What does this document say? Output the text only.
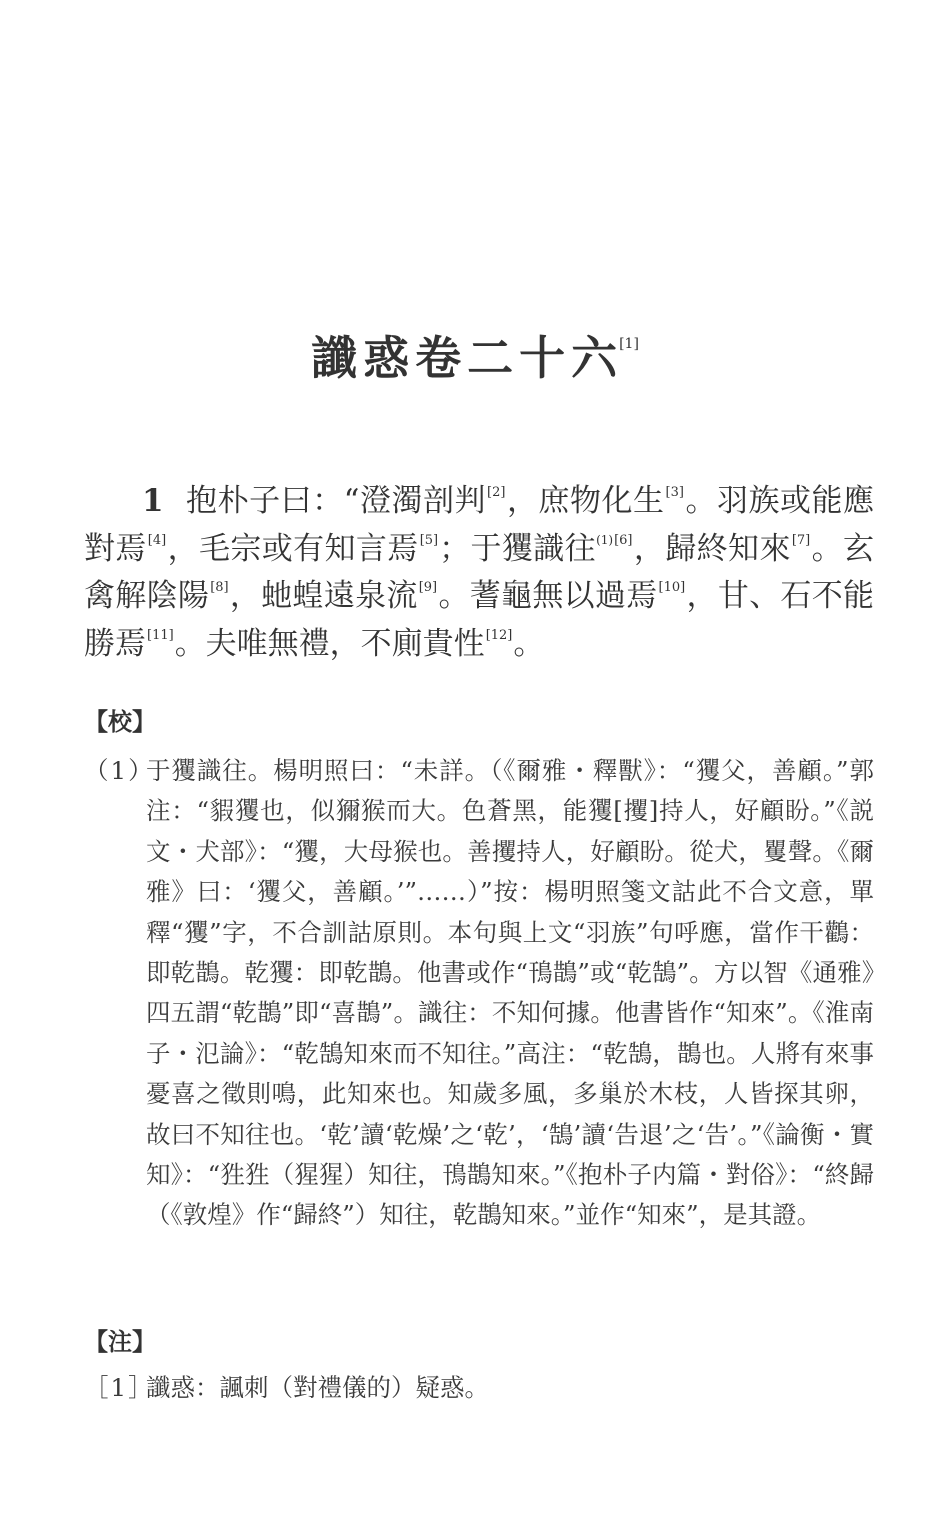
讖惑卷二十六[1]
1 抱朴子曰：“澄濁剖判[2]，庶物化生[3]。羽族或能應對焉[4]，毛宗或有知言焉[5]；于玃識往$^{(1)[6]}$，歸終知來[7]。玄禽解陰陽[8]，虵蝗遠泉流[9]。蓍龜無以過焉[10]，甘、石不能勝焉[11]。夫唯無禮，不廁貴性[12]。
【校】
（1）
于玃識往。楊明照曰：“未詳。（《爾雅・釋獸》：“玃父，善顧。”郭注：“貑玃也，似獮猴而大。色蒼黑，能玃[攫]持人，好顧盼。”《説文・犬部》：“玃，大母猴也。善攫持人，好顧盼。從犬，矍聲。《爾雅》曰：‘玃父，善顧。’”……）”按：楊明照箋文詁此不合文意，單釋“玃”字，不合訓詁原則。本句與上文“羽族”句呼應，當作干鸛：即乾鵲。乾玃：即乾鵲。他書或作“鳱鵲”或“乾鵠”。方以智《通雅》四五謂“乾鵲”即“喜鵲”。識往：不知何據。他書皆作“知來”。《淮南子・氾論》：“乾鵠知來而不知往。”高注：“乾鵠，鵲也。人將有來事憂喜之徵則鳴，此知來也。知歲多風，多巢於木枝，人皆探其卵，故曰不知往也。‘乾’讀‘乾燥’之‘乾’，‘鵠’讀‘告退’之‘告’。”《論衡・實知》：“狌狌（猩猩）知往，鳱鵲知來。”《抱朴子内篇・對俗》：“終歸（《敦煌》作“歸終”）知往，乾鵲知來。”並作“知來”，是其證。
【注】
［1］
讖惑：諷刺（對禮儀的）疑惑。
